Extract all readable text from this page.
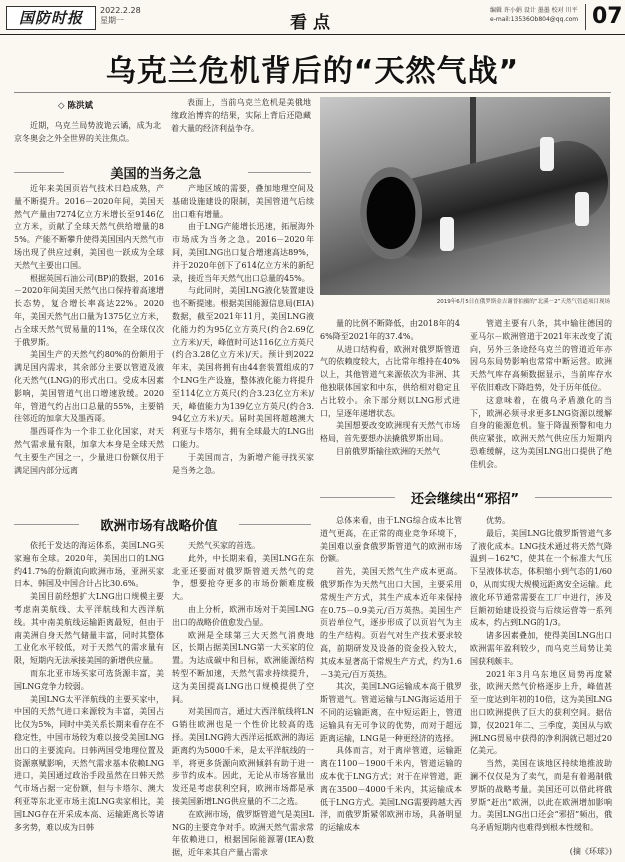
国防时报	2022.2.28
星期一	看点
编辑 许小娟 设计 墨墨 校对 川平
e-mail:13536Ob804@qq.com 07
乌克兰危机背后的“天然气战”
◇ 陈洪斌

近期，乌克兰局势波诡云谲，成为北京冬奥会之外全世界的关注焦点。

表面上，当前乌克兰危机是美俄地缘政治博弈的结果，实际上背后还隐藏着大量的经济利益争夺。

美国的当务之急

近年来美国页岩气技术日趋成熟，产量不断提升。2016－2020年间，美国天然气产量由7274亿立方米增长至9146亿立方米，贡献了全球天然气供给增量的85%。产能不断攀升使得美国国内天然气市场出现了供应过剩，美国也一跃成为全球天然气主要出口国。

根据英国石油公司(BP)的数据，2016－2020年间美国天然气出口保持着高速增长态势，复合增长率高达22%。2020年，美国天然气出口量为1375亿立方米，占全球天然气贸易量的11%，在全球仅次于俄罗斯。

美国生产的天然气约80%的份额用于满足国内需求，其余部分主要以管道及液化天然气(LNG)的形式出口。受成本因素影响，美国管道气出口增速放缓。2020年，管道气约占出口总量的55%，主要销往邻近的加拿大及墨西哥。

墨西哥作为一个非工业化国家，对天然气需求量有限，加拿大本身是全球天然气主要生产国之一，少量进口份额仅用于满足国内部分远离

产地区域的需要，叠加地理空间及基础设施建设的限制，美国管道气后续出口难有增量。

由于LNG产能增长迅速，拓展海外市场成为当务之急。2016－2020年间，美国LNG出口复合增速高达89%，并于2020年创下了614亿立方米的新纪录，接近当年天然气出口总量的45%。

与此同时，美国LNG液化装置建设也不断提速。根据美国能源信息局(EIA)数据，截至2021年11月，美国LNG液化能力约为95亿立方英尺(约合2.69亿立方米)/天，峰值时可达116亿立方英尺(约合3.28亿立方米)/天。预计到2022年末，美国将拥有由44套装置组成的7个LNG生产设施，整体液化能力将提升至114亿立方英尺(约合3.23亿立方米)/天，峰值能力为139亿立方英尺(约合3.94亿立方米)/天。届时美国将超越澳大利亚与卡塔尔，拥有全球最大的LNG出口能力。

于美国而言，为新增产能寻找买家是当务之急。

2019年6月5日在俄罗斯金吉谢普拍摄的“北溪－2”天然气管道项目现场

量的比例不断降低，由2018年的46%降至2021年的37.4%。

从进口结构看，欧洲对俄罗斯管道气的依赖度较大，占比常年维持在40%以上，其他管道气来源依次为非洲、其他独联体国家和中东，供给相对稳定且占比较小。余下部分则以LNG形式进口，呈逐年递增状态。

美国想要改变欧洲现有天然气市场格局，首先要想办法撬俄罗斯出局。

目前俄罗斯输往欧洲的天然气

管道主要有八条，其中输往德国的亚马尔－欧洲管道于2021年末改变了流向，另外三条途经乌克兰的管道近年亦因乌东局势影响也常常中断运营。欧洲天然气库存高频数据显示，当前库存水平依旧难改下降趋势，处于历年低位。

这意味着，在俄乌矛盾激化的当下，欧洲必须寻求更多LNG资源以缓解自身的能源危机。鉴于降温预警和电力供应紧张，欧洲天然气供应压力短期内恐难缓解，这为美国LNG出口提供了绝佳机会。

欧洲市场有战略价值

依托于发达的海运体系，美国LNG买家遍布全球。2020年，美国出口的LNG约41.7%的份额流向欧洲市场，亚洲买家日本、韩国及中国合计占比30.6%。

美国目前经想扩大LNG出口规模主要考虑南美航线、太平洋航线和大西洋航线。其中南美航线运输距离最短，但由于南美洲自身天然气储量丰富，同时其整体工业化水平较低，对于天然气的需求量有限，短期内无法承接美国的新增供应量。

而东北亚市场买家可选货源丰富，美国LNG竞争力较弱。

美国LNG太平洋航线的主要买家中，中国的天然气进口来源较为丰富，美国占比仅为5%，同时中美关系长期来看存在不稳定性，中国市场较为难以接受美国LNG出口的主要流向。日韩两国受地理位置及资源禀赋影响，天然气需求基本依赖LNG进口，美国通过政治手段虽然在日韩天然气市场占据一定份额，但与卡塔尔、澳大利亚等东北亚市场主流LNG卖家相比，美国LNG存在开采成本高、运输距离长等诸多劣势，难以成为日韩

天然气买家的首选。

此外，中长期来看，美国LNG在东北亚还要面对俄罗斯管道天然气的竞争，想要抢夺更多的市场份额难度极大。

由上分析，欧洲市场对于美国LNG出口的战略价值愈发凸显。

欧洲是全球第三大天然气消费地区，长期占据美国LNG第一大买家的位置。为达成碳中和目标，欧洲能源结构转型不断加速，天然气需求持续提升，这为美国提高LNG出口规模提供了空间。

对美国而言，通过大西洋航线将LNG销往欧洲也是一个性价比较高的选择。美国LNG跨大西洋运抵欧洲的海运距离约为5000千米，是太平洋航线的一半，将更多货源向欧洲倾斜有助于进一步节约成本。因此，无论从市场容量出发还是考虑获利空间，欧洲市场都是承接美国新增LNG供应量的不二之选。

在欧洲市场，俄罗斯管道气是美国LNG的主要竞争对手。欧洲天然气需求常年依赖进口，根据国际能源署(IEA)数据，近年来其自产量占需求

还会继续出“邪招”

总体来看，由于LNG综合成本比管道气更高，在正常的商业竞争环境下，美国难以蚕食俄罗斯管道气的欧洲市场份额。

首先，美国天然气生产成本更高。俄罗斯作为天然气出口大国，主要采用常规生产方式，其生产成本近年来保持在0.75－0.9美元/百万英热。美国生产页岩单位气，逐步形成了以页岩气为主的生产结构。页岩气对生产技术要求较高，前期研发及设备的资金投入较大，其成本显著高于常规生产方式，约为1.6－3美元/百万英热。

其次，美国LNG运输成本高于俄罗斯管道气。管道运输与LNG海运适用于不同的运输距离，在中短运距上，管道运输具有无可争议的优势，而对于超远距离运输，LNG是一种更经济的选择。

具体而言，对于离岸管道，运输距离在1100－1900千米内，管道运输的成本优于LNG方式；对于在岸管道，距离在3500－4000千米内，其运输成本低于LNG方式。美国LNG需要跨越大西洋，而俄罗斯紧邻欧洲市场，具备明显的运输成本

优势。

最后，美国LNG比俄罗斯管道气多了液化成本。LNG技术通过将天然气降温到－162℃，使其在一个标准大气压下呈液体状态，体积缩小到气态的1/600，从而实现大规模远距离安全运输。此液化环节通常需要在工厂中进行，涉及巨额初始建设投资与后续运营等一系列成本，约占到LNG的1/3。

诸多因素叠加，使得美国LNG出口欧洲需年盈利较少，而乌克兰局势让美国获利颇丰。

2021年3月乌东地区局势再度紧张，欧洲天然气价格逐步上升，峰值甚至一度达到年初的10倍，这为美国LNG出口欧洲提供了巨大的获利空间。据估算，仅2021年二、三季度，美国从与欧洲LNG贸易中获得的净利润就已超过20亿美元。

当然，美国在该地区持续地推波助澜不仅仅是为了卖气，而是有着遏制俄罗斯的战略考量。美国还可以借此将俄罗斯“赶出”欧洲，以此在欧洲增加影响力。美国LNG出口还会“邪招”频出，俄乌矛盾短期内也难得到根本性缓和。

(摘《环球》)
